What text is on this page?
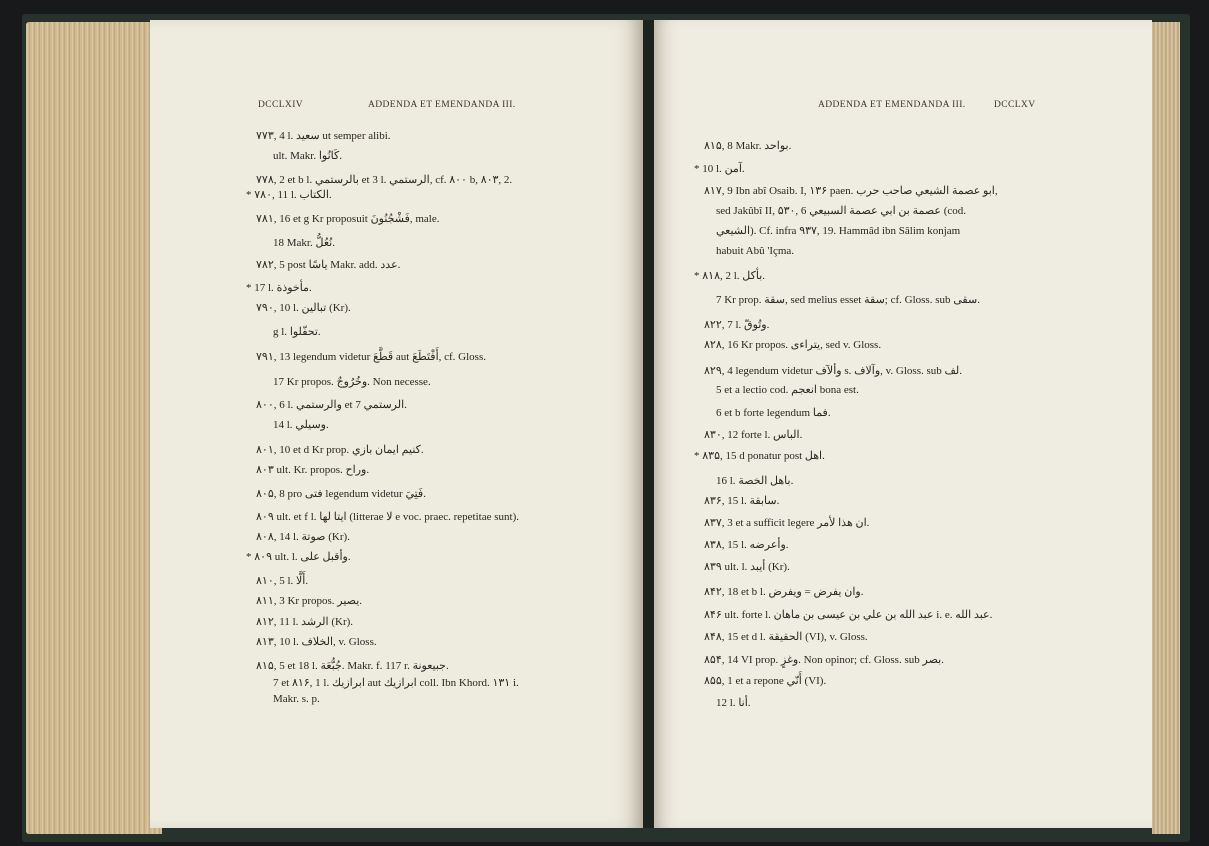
DCCLXIV	ADDENDA ET EMENDANDA III.
۷۷۳, 4 l. سعيد ut semper alibi.
ult. Makr. كَانُوا.
۷۷۸, 2 et b l. بالرستمي et 3 l. الرستمي, cf. ۸۰۰ b, ۸۰۳, 2.
* ۷۸۰, 11 l. الكتاب.
۷۸۱, 16 et g Kr proposuit فَشْجُنُونَ, male.
18 Makr. نُعُلُّ.
۷۸۲, 5 post ياسًا Makr. add. عدد.
* 17 l. مأخوذة.
۷۹۰, 10 l. تبالين (Kr).
g l. تحفّلوا.
۷۹۱, 13 legendum videtur قَطَّعَ aut أَفْتَطَعَ, cf. Gloss.
17 Kr propos. وخُرُوجٌ. Non necesse.
۸۰۰, 6 l. والرستمي et 7 الرستمي.
14 l. وسيلي.
۸۰۱, 10 et d Kr prop. كنيم ايمان بازي.
۸۰۳ ult. Kr. propos. وراح.
۸۰۵, 8 pro فتى legendum videtur فَتِيَ.
۸۰۹ ult. et f l. ايتا لها (litterae لا e voc. praec. repetitae sunt).
۸۰۸, 14 l. صوتة (Kr).
* ۸۰۹ ult. l. وأقبل على.
۸۱۰, 5 l. أَلَّا.
۸۱۱, 3 Kr propos. يصير.
۸۱۲, 11 l. الرشد (Kr).
۸۱۳, 10 l. الخلاف, v. Gloss.
۸۱۵, 5 et 18 l. جُبُّعَة. Makr. f. 117 r. جبيعونة.
7 et ۸۱۶, 1 l. ابرازيك aut ابرازيك coll. Ibn Khord. ۱۳۱ i.
Makr. s. p.
ADDENDA ET EMENDANDA III.	DCCLXV
۸۱۵, 8 Makr. بواحد.
* 10 l. آمن.
۸۱۷, 9 Ibn abî Osaib. I, ۱۳۶ paen. ابو عصمة الشيعي صاحب حرب,
sed Jakûbî II, ۵۳۰, 6 عصمة بن ابي عصمة السبيعي (cod.
الشيعي). Cf. infra ۹۳۷, 19. Hammâd ibn Sâlim konjam
habuit Abû 'Içma.
* ۸۱۸, 2 l. بأكل.
7 Kr prop. سقة, sed melius esset سقة; cf. Gloss. sub سقى.
۸۲۲, 7 l. وتُوقّ.
۸۲۸, 16 Kr propos. يتراءى, sed v. Gloss.
۸۲۹, 4 legendum videtur وألآف s. وآلاف, v. Gloss. sub لف.
5 et a lectio cod. انعجم bona est.
6 et b forte legendum فما.
۸۳۰, 12 forte l. الباس.
* ۸۳۵, 15 d ponatur post اهل.
16 l. باهل الخصة.
۸۳۶, 15 l. سابقة.
۸۳۷, 3 et a sufficit legere ان هذا لأمر.
۸۳۸, 15 l. وأعرضه.
۸۳۹ ult. l. أيبد (Kr).
۸۴۲, 18 et b l. وان يفرض = ويفرض.
۸۴۶ ult. forte l. عبد الله بن علي بن عيسى بن ماهان i. e. عبد الله.
۸۴۸, 15 et d l. الحقيقة (VI), v. Gloss.
۸۵۴, 14 VI prop. وغزٍ. Non opinor; cf. Gloss. sub بصر.
۸۵۵, 1 et a repone أَنّي (VI).
12 l. أنا.
